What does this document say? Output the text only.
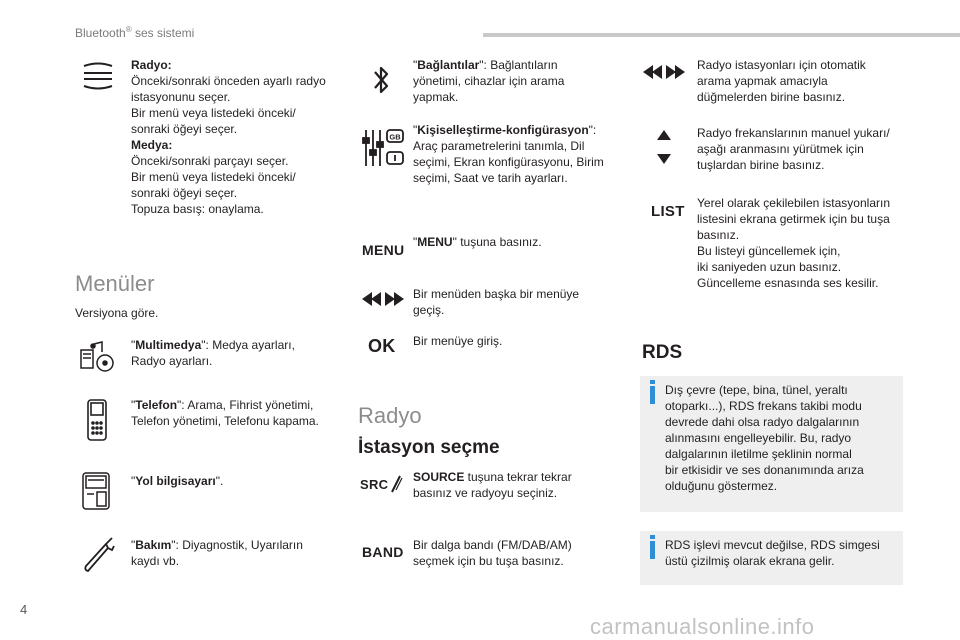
Bluetooth® ses sistemi
Radyo:
Önceki/sonraki önceden ayarlı radyo
istasyonunu seçer.
Bir menü veya listedeki önceki/
sonraki öğeyi seçer.
Medya:
Önceki/sonraki parçayı seçer.
Bir menü veya listedeki önceki/
sonraki öğeyi seçer.
Topuza basış: onaylama.
Menüler
Versiyona göre.
"Multimedya": Medya ayarları,
Radyo ayarları.
"Telefon": Arama, Fihrist yönetimi,
Telefon yönetimi, Telefonu kapama.
"Yol bilgisayarı".
"Bakım": Diyagnostik, Uyarıların
kaydı vb.
"Bağlantılar": Bağlantıların
yönetimi, cihazlar için arama
yapmak.
GB "Kişiselleştirme-konfigürasyon":
Araç parametrelerini tanımla, Dil
seçimi, Ekran konfigürasyonu, Birim
seçimi, Saat ve tarih ayarları.
MENU "MENU" tuşuna basınız.
Bir menüden başka bir menüye
geçiş.
OK Bir menüye giriş.
Radyo
İstasyon seçme
SRC SOURCE tuşuna tekrar tekrar
basınız ve radyoyu seçiniz.
BAND Bir dalga bandı (FM/DAB/AM)
seçmek için bu tuşa basınız.
Radyo istasyonları için otomatik
arama yapmak amacıyla
düğmelerden birine basınız.
Radyo frekanslarının manuel yukarı/
aşağı aranmasını yürütmek için
tuşlardan birine basınız.
LIST Yerel olarak çekilebilen istasyonların
listesini ekrana getirmek için bu tuşa
basınız.
Bu listeyi güncellemek için,
iki saniyeden uzun basınız.
Güncelleme esnasında ses kesilir.
RDS
Dış çevre (tepe, bina, tünel, yeraltı
otoparkı...), RDS frekans takibi modu
devrede dahi olsa radyo dalgalarının
alınmasını engelleyebilir. Bu, radyo
dalgalarının iletilme şeklinin normal
bir etkisidir ve ses donanımında arıza
olduğunu göstermez.
RDS işlevi mevcut değilse, RDS simgesi
üstü çizilmiş olarak ekrana gelir.
4
carmanualsonline.info
